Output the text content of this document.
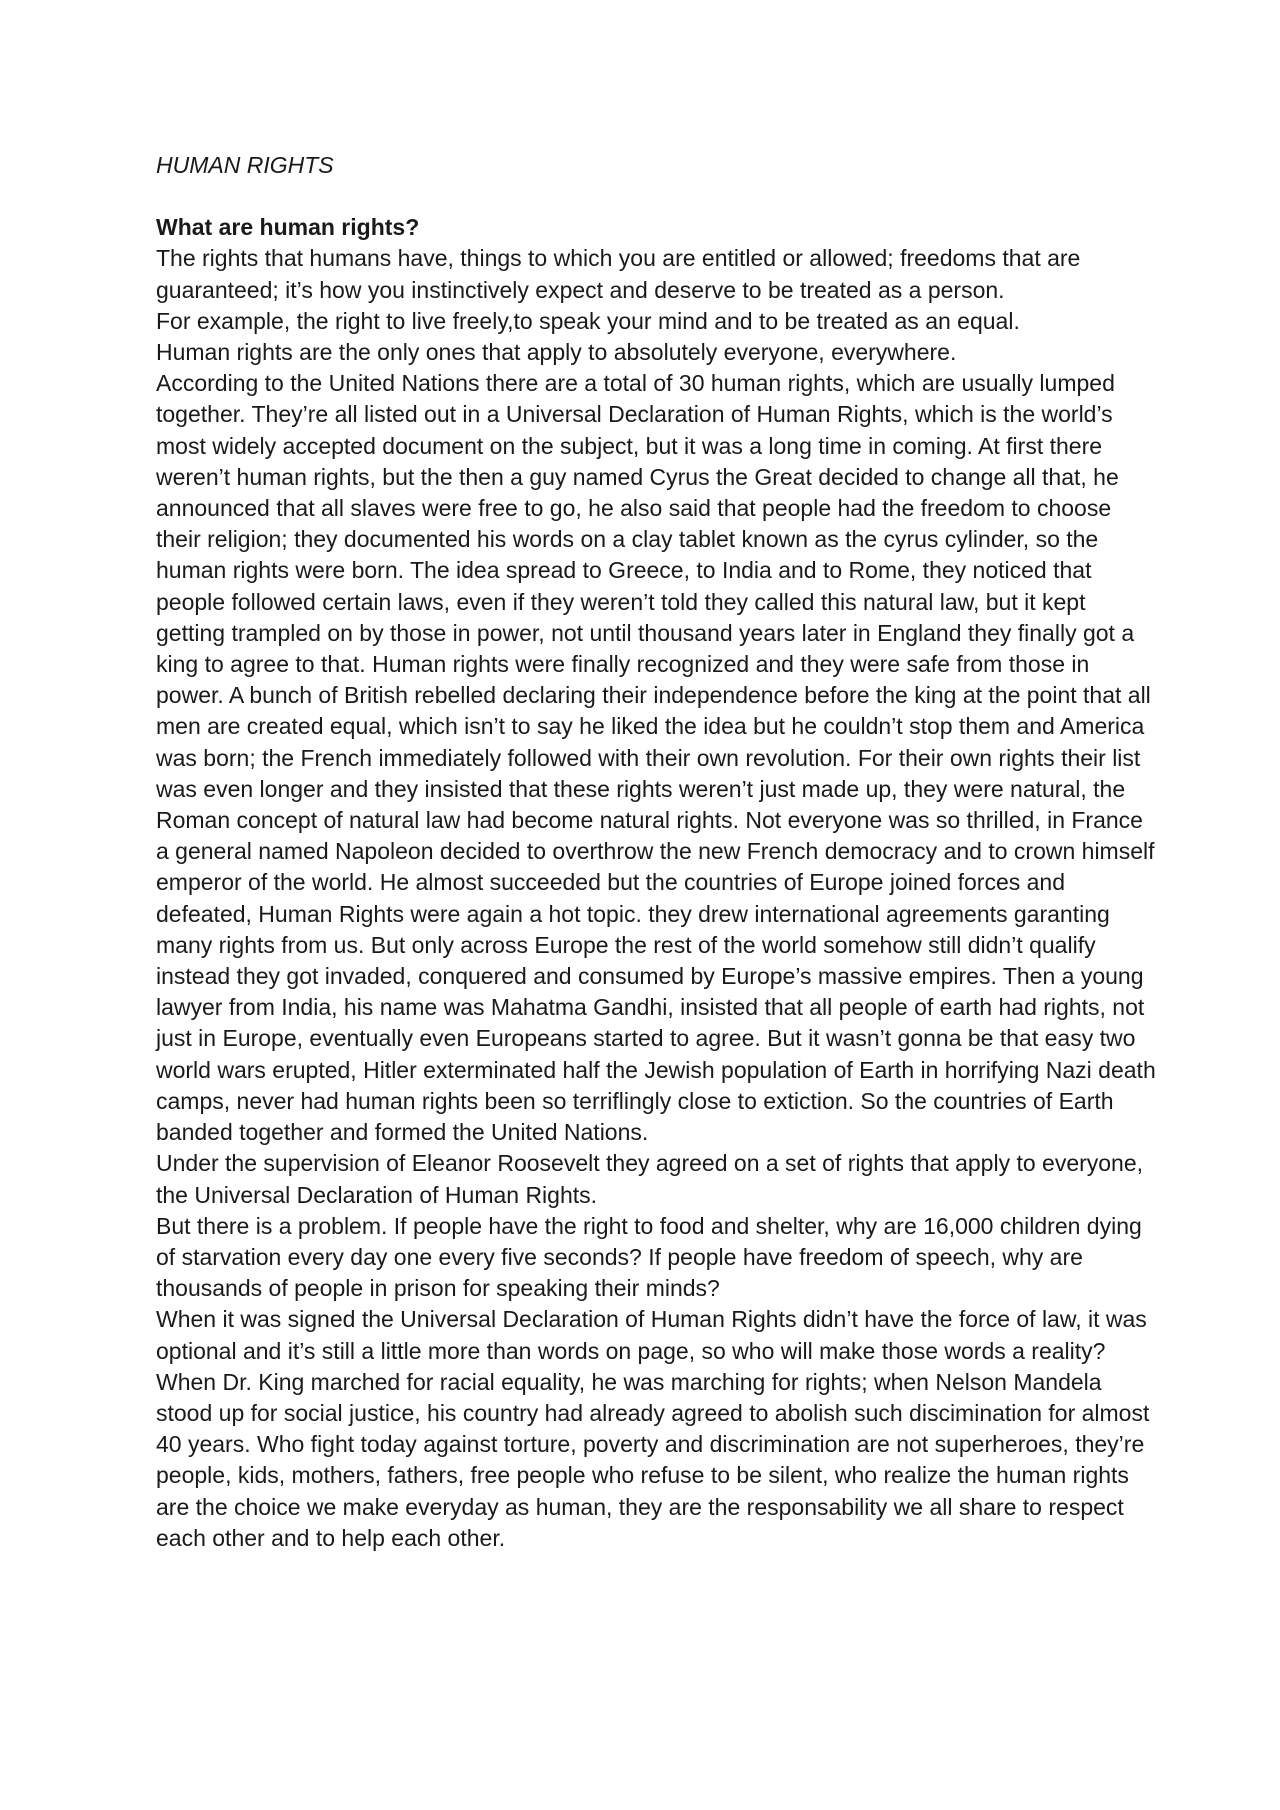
HUMAN RIGHTS

What are human rights?

The rights that humans have, things to which you are entitled or allowed; freedoms that are guaranteed; it’s how you instinctively expect and deserve to be treated as a person.

For example, the right to live freely,to speak your mind and to be treated as an equal.

Human rights are the only ones that apply to absolutely everyone, everywhere.

According to the United Nations there are a total of 30 human rights, which are usually lumped together. They’re all listed out in a Universal Declaration of Human Rights, which is the world’s most widely accepted document on the subject, but it was a long time in coming. At first there weren’t human rights, but the then a guy named Cyrus the Great decided to change all that, he announced that all slaves were free to go, he also said that people had the freedom to choose their religion; they documented his words on a clay tablet known as the cyrus cylinder, so the human rights were born. The idea spread to Greece, to India and to Rome, they noticed that people followed certain laws, even if they weren’t told they called this natural law, but it kept getting trampled on by those in power, not until thousand years later in England they finally got a king to agree to that. Human rights were finally recognized and they were safe from those in power. A bunch of British rebelled declaring their independence before the king at the point that all men are created equal, which isn’t to say he liked the idea but he couldn’t stop them and America was born; the French immediately followed with their own revolution. For their own rights their list was even longer and they insisted that these rights weren’t just made up, they were natural, the Roman concept of natural law had become natural rights. Not everyone was so thrilled, in France a general named Napoleon decided to overthrow the new French democracy and to crown himself emperor of the world. He almost succeeded but the countries of Europe joined forces and defeated, Human Rights were again a hot topic. they drew international agreements garanting many rights from us. But only across Europe the rest of the world somehow still didn’t qualify instead they got invaded, conquered and consumed by Europe’s massive empires. Then a young lawyer from India, his name was Mahatma Gandhi, insisted that all people of earth had rights, not just in Europe, eventually even Europeans started to agree. But it wasn’t gonna be that easy two world wars erupted, Hitler exterminated half the Jewish population of Earth in horrifying Nazi death camps, never had human rights been so terriflingly close to extiction. So the countries of Earth banded together and formed the United Nations.

Under the supervision of Eleanor Roosevelt they agreed on a set of rights that apply to everyone, the Universal Declaration of Human Rights.

But there is a problem. If people have the right to food and shelter, why are 16,000 children dying of starvation every day one every five seconds? If people have freedom of speech, why are thousands of people in prison for speaking their minds?

When it was signed the Universal Declaration of Human Rights didn’t have the force of law, it was optional and it’s still a little more than words on page, so who will make those words a reality? When Dr. King marched for racial equality, he was marching for rights; when Nelson Mandela stood up for social justice, his country had already agreed to abolish such discimination for almost 40 years. Who fight today against torture, poverty and discrimination are not superheroes, they’re people, kids, mothers, fathers, free people who refuse to be silent, who realize the human rights are the choice we make everyday as human, they are the responsability we all share to respect each other and to help each other.
